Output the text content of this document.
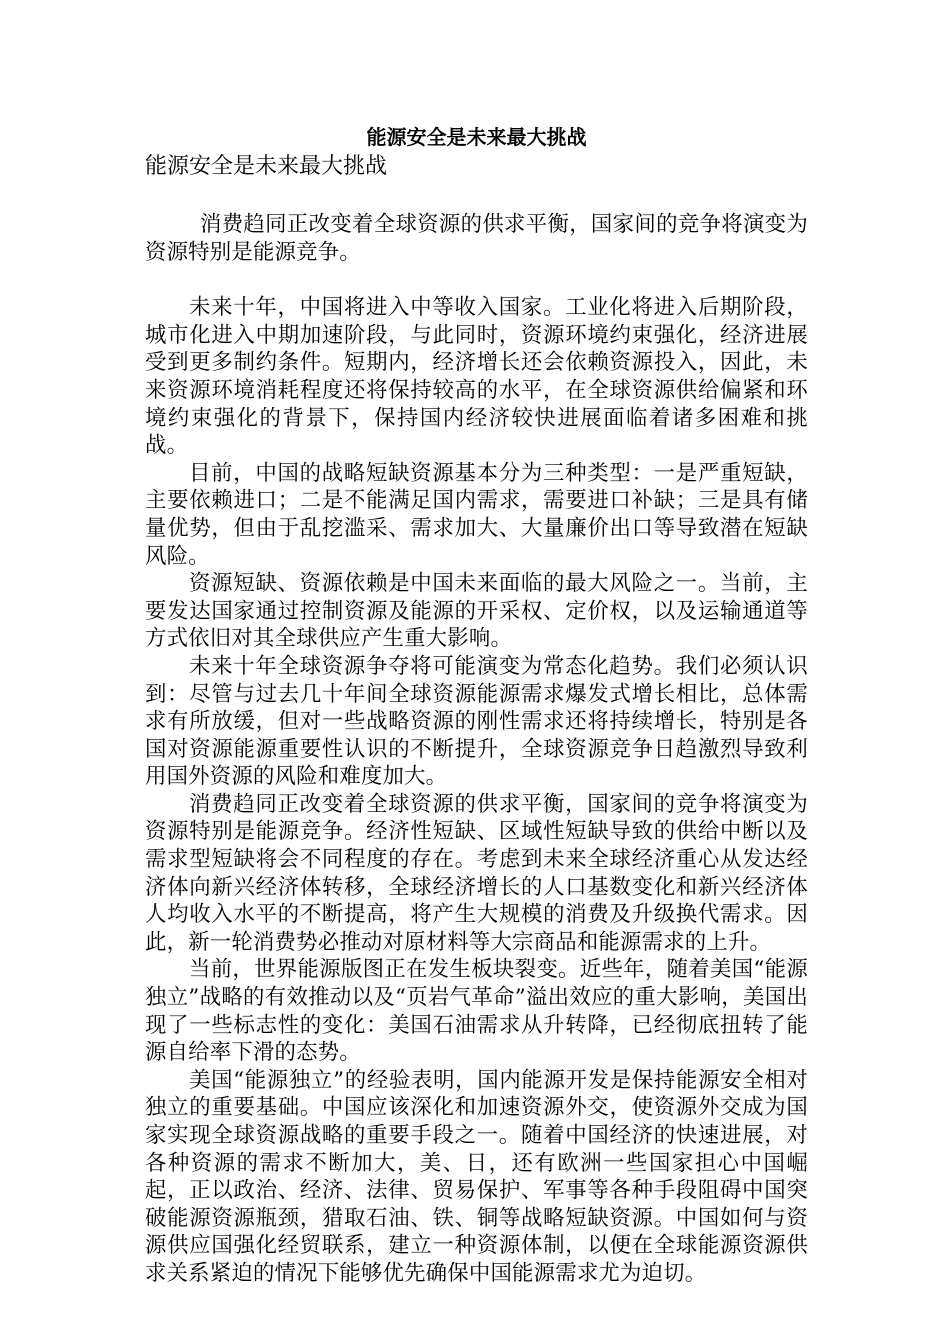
能源安全是未来最大挑战
能源安全是未来最大挑战

消费趋同正改变着全球资源的供求平衡，国家间的竞争将演变为资源特别是能源竞争。

未来十年，中国将进入中等收入国家。工业化将进入后期阶段，城市化进入中期加速阶段，与此同时，资源环境约束强化，经济进展受到更多制约条件。短期内，经济增长还会依赖资源投入，因此，未来资源环境消耗程度还将保持较高的水平，在全球资源供给偏紧和环境约束强化的背景下，保持国内经济较快进展面临着诸多困难和挑战。

目前，中国的战略短缺资源基本分为三种类型：一是严重短缺，主要依赖进口；二是不能满足国内需求，需要进口补缺；三是具有储量优势，但由于乱挖滥采、需求加大、大量廉价出口等导致潜在短缺风险。

资源短缺、资源依赖是中国未来面临的最大风险之一。当前，主要发达国家通过控制资源及能源的开采权、定价权，以及运输通道等方式依旧对其全球供应产生重大影响。

未来十年全球资源争夺将可能演变为常态化趋势。我们必须认识到：尽管与过去几十年间全球资源能源需求爆发式增长相比，总体需求有所放缓，但对一些战略资源的刚性需求还将持续增长，特别是各国对资源能源重要性认识的不断提升，全球资源竞争日趋激烈导致利用国外资源的风险和难度加大。

消费趋同正改变着全球资源的供求平衡，国家间的竞争将演变为资源特别是能源竞争。经济性短缺、区域性短缺导致的供给中断以及需求型短缺将会不同程度的存在。考虑到未来全球经济重心从发达经济体向新兴经济体转移，全球经济增长的人口基数变化和新兴经济体人均收入水平的不断提高，将产生大规模的消费及升级换代需求。因此，新一轮消费势必推动对原材料等大宗商品和能源需求的上升。

当前，世界能源版图正在发生板块裂变。近些年，随着美国“能源独立”战略的有效推动以及“页岩气革命”溢出效应的重大影响，美国出现了一些标志性的变化：美国石油需求从升转降，已经彻底扭转了能源自给率下滑的态势。

美国“能源独立”的经验表明，国内能源开发是保持能源安全相对独立的重要基础。中国应该深化和加速资源外交，使资源外交成为国家实现全球资源战略的重要手段之一。随着中国经济的快速进展，对各种资源的需求不断加大，美、日，还有欧洲一些国家担心中国崛起，正以政治、经济、法律、贸易保护、军事等各种手段阻碍中国突破能源资源瓶颈，猎取石油、铁、铜等战略短缺资源。中国如何与资源供应国强化经贸联系，建立一种资源体制，以便在全球能源资源供求关系紧迫的情况下能够优先确保中国能源需求尤为迫切。
